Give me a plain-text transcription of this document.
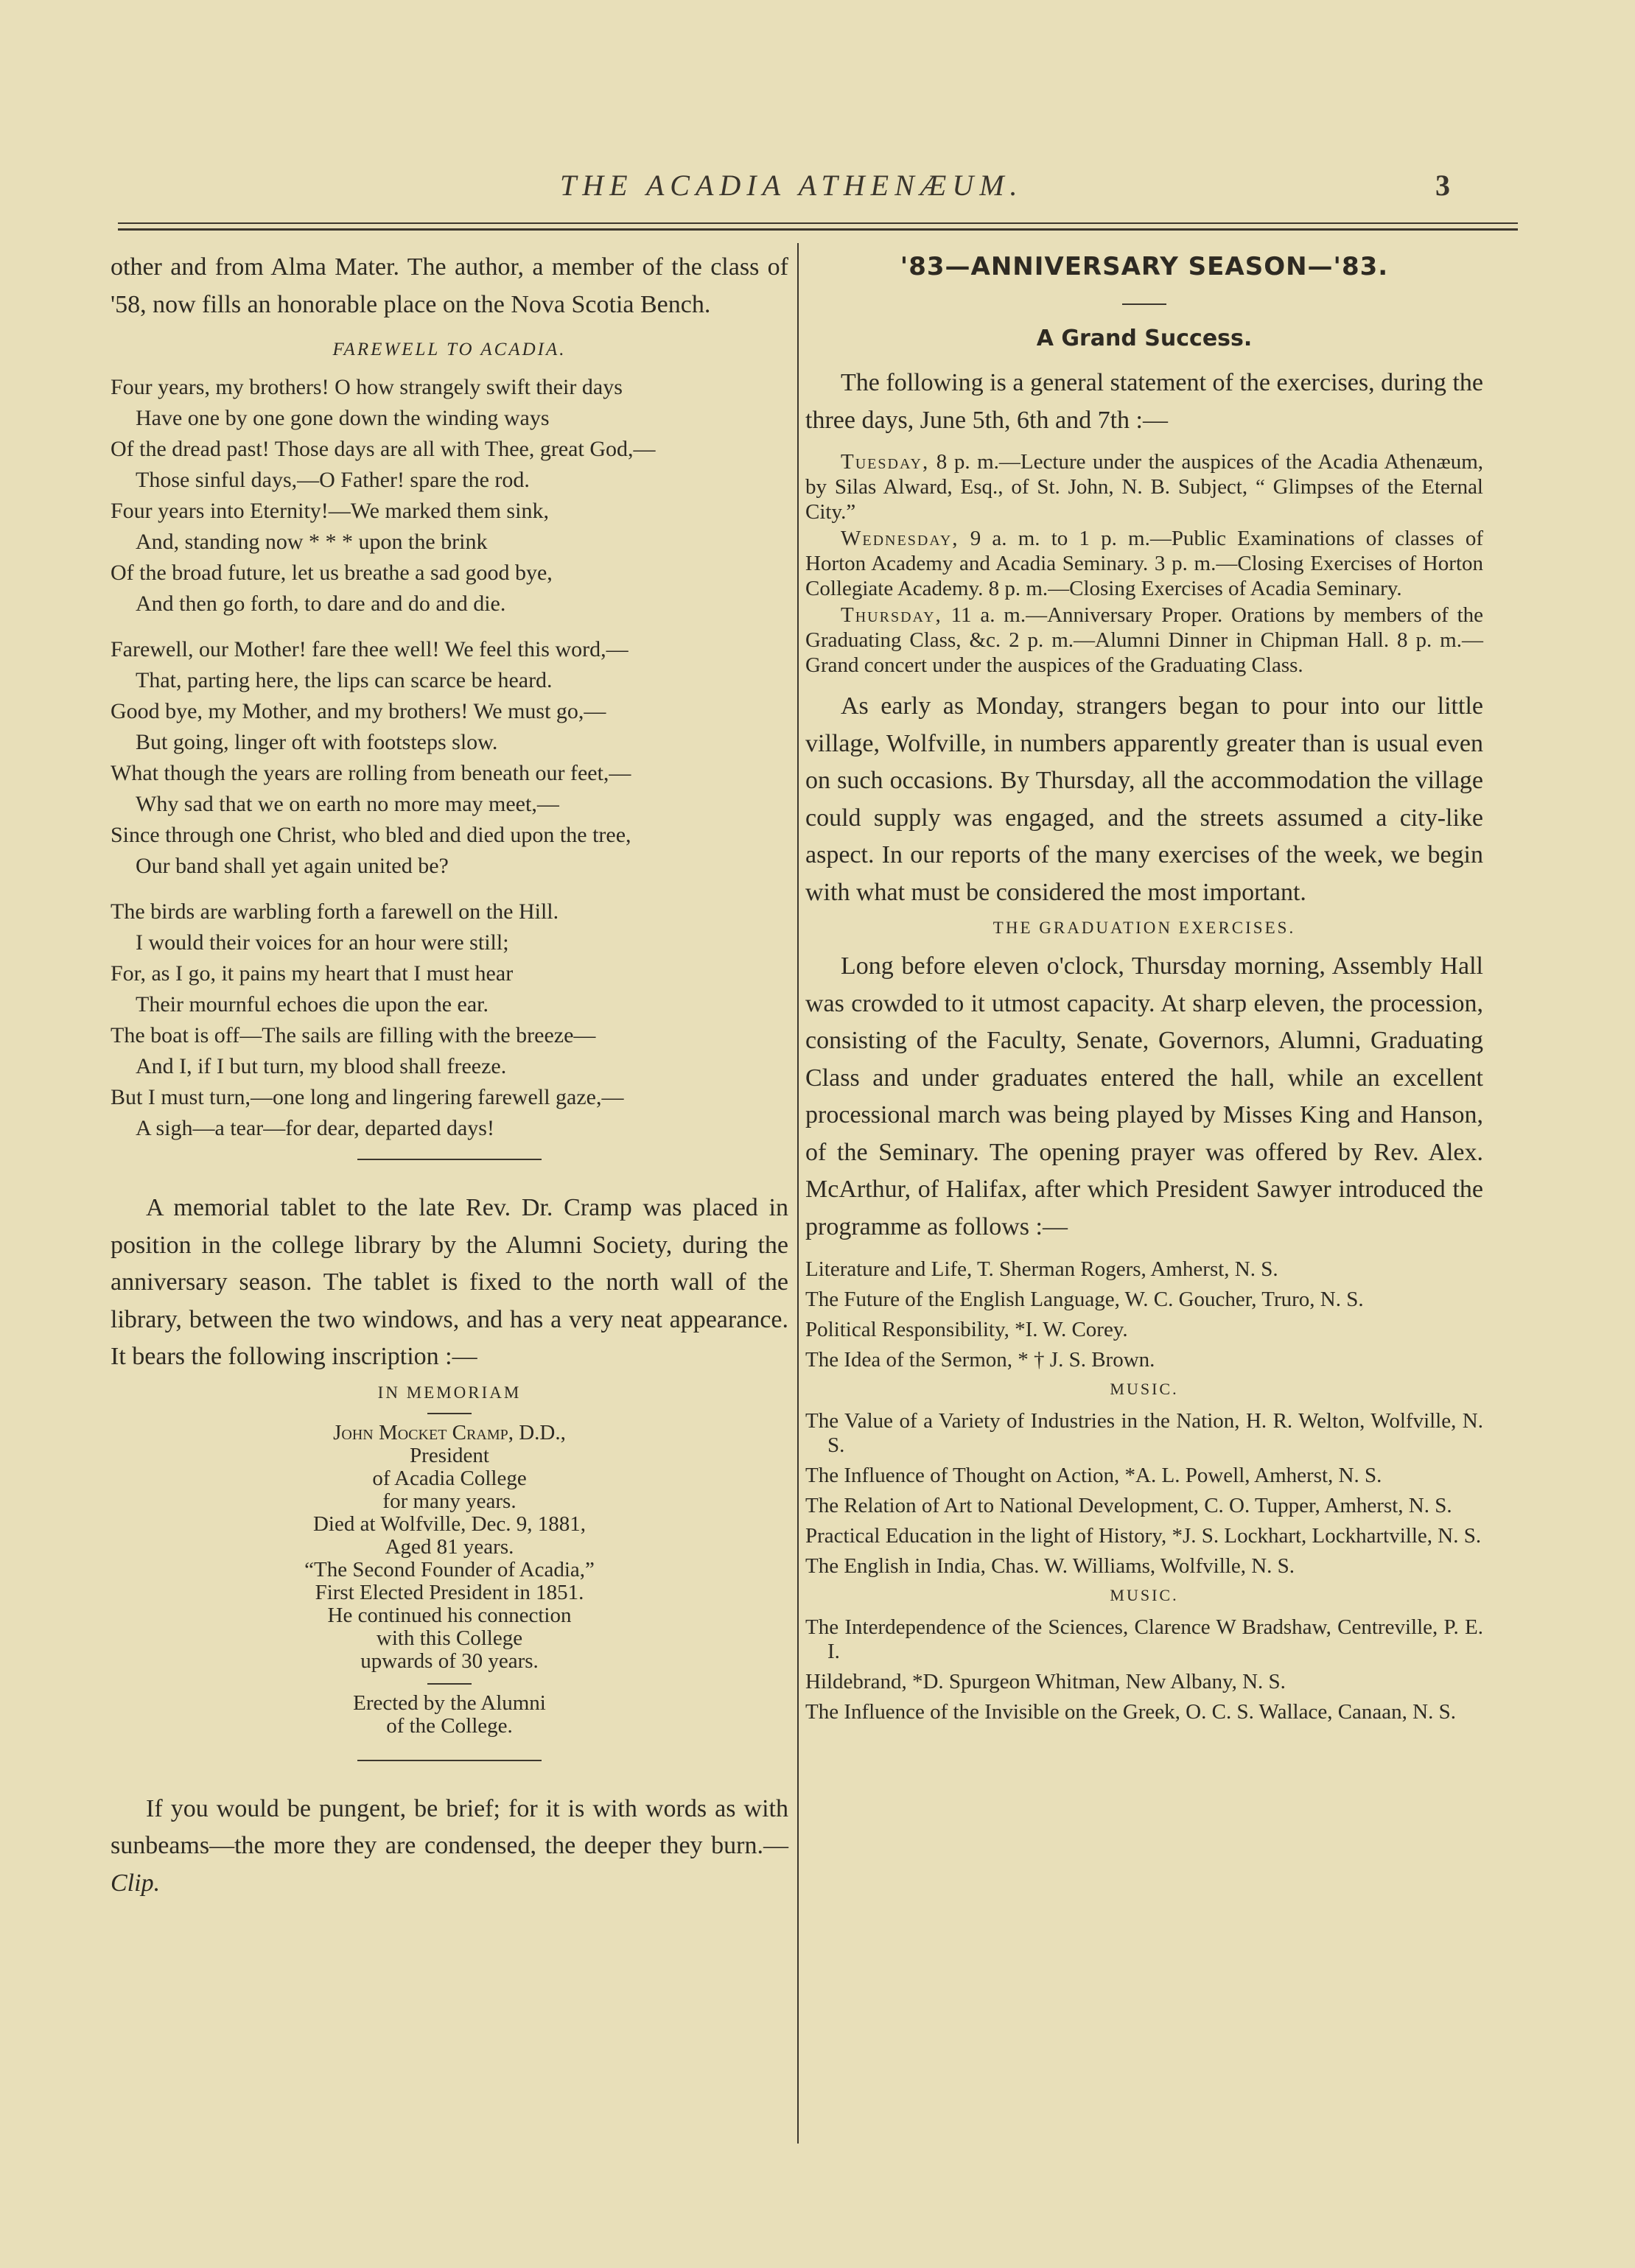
THE ACADIA ATHENÆUM.	3

other and from Alma Mater. The author, a member of the class of '58, now fills an honorable place on the Nova Scotia Bench.

FAREWELL TO ACADIA.

Four years, my brothers! O how strangely swift their days

Have one by one gone down the winding ways

Of the dread past! Those days are all with Thee, great God,—

Those sinful days,—O Father! spare the rod.

Four years into Eternity!—We marked them sink,

And, standing now * * * upon the brink

Of the broad future, let us breathe a sad good bye,

And then go forth, to dare and do and die.

Farewell, our Mother! fare thee well! We feel this word,—

That, parting here, the lips can scarce be heard.

Good bye, my Mother, and my brothers! We must go,—

But going, linger oft with footsteps slow.

What though the years are rolling from beneath our feet,—

Why sad that we on earth no more may meet,—

Since through one Christ, who bled and died upon the tree,

Our band shall yet again united be?

The birds are warbling forth a farewell on the Hill.

I would their voices for an hour were still;

For, as I go, it pains my heart that I must hear

Their mournful echoes die upon the ear.

The boat is off—The sails are filling with the breeze—

And I, if I but turn, my blood shall freeze.

But I must turn,—one long and lingering farewell gaze,—

A sigh—a tear—for dear, departed days!

A memorial tablet to the late Rev. Dr. Cramp was placed in position in the college library by the Alumni Society, during the anniversary season. The tablet is fixed to the north wall of the library, between the two windows, and has a very neat appearance. It bears the following inscription :—

IN MEMORIAM

John Mocket Cramp, D.D.,

President

of Acadia College

for many years.

Died at Wolfville, Dec. 9, 1881,

Aged 81 years.

“The Second Founder of Acadia,”

First Elected President in 1851.

He continued his connection

with this College

upwards of 30 years.

Erected by the Alumni

of the College.

If you would be pungent, be brief; for it is with words as with sunbeams—the more they are condensed, the deeper they burn.—Clip.

'83—ANNIVERSARY SEASON—'83.
A Grand Success.

The following is a general statement of the exercises, during the three days, June 5th, 6th and 7th :—

Tuesday, 8 p. m.—Lecture under the auspices of the Acadia Athenæum, by Silas Alward, Esq., of St. John, N. B. Subject, “ Glimpses of the Eternal City.”

Wednesday, 9 a. m. to 1 p. m.—Public Examinations of classes of Horton Academy and Acadia Seminary. 3 p. m.—Closing Exercises of Horton Collegiate Academy. 8 p. m.—Closing Exercises of Acadia Seminary.

Thursday, 11 a. m.—Anniversary Proper. Orations by members of the Graduating Class, &c. 2 p. m.—Alumni Dinner in Chipman Hall. 8 p. m.—Grand concert under the auspices of the Graduating Class.

As early as Monday, strangers began to pour into our little village, Wolfville, in numbers apparently greater than is usual even on such occasions. By Thursday, all the accommodation the village could supply was engaged, and the streets assumed a city-like aspect. In our reports of the many exercises of the week, we begin with what must be considered the most important.

THE GRADUATION EXERCISES.

Long before eleven o'clock, Thursday morning, Assembly Hall was crowded to it utmost capacity. At sharp eleven, the procession, consisting of the Faculty, Senate, Governors, Alumni, Graduating Class and under graduates entered the hall, while an excellent processional march was being played by Misses King and Hanson, of the Seminary. The opening prayer was offered by Rev. Alex. McArthur, of Halifax, after which President Sawyer introduced the programme as follows :—

Literature and Life, T. Sherman Rogers, Amherst, N. S.

The Future of the English Language, W. C. Goucher, Truro, N. S.

Political Responsibility, *I. W. Corey.

The Idea of the Sermon, * † J. S. Brown.

MUSIC.

The Value of a Variety of Industries in the Nation, H. R. Welton, Wolfville, N. S.

The Influence of Thought on Action, *A. L. Powell, Amherst, N. S.

The Relation of Art to National Development, C. O. Tupper, Amherst, N. S.

Practical Education in the light of History, *J. S. Lockhart, Lockhartville, N. S.

The English in India, Chas. W. Williams, Wolfville, N. S.

MUSIC.

The Interdependence of the Sciences, Clarence W Bradshaw, Centreville, P. E. I.

Hildebrand, *D. Spurgeon Whitman, New Albany, N. S.

The Influence of the Invisible on the Greek, O. C. S. Wallace, Canaan, N. S.
